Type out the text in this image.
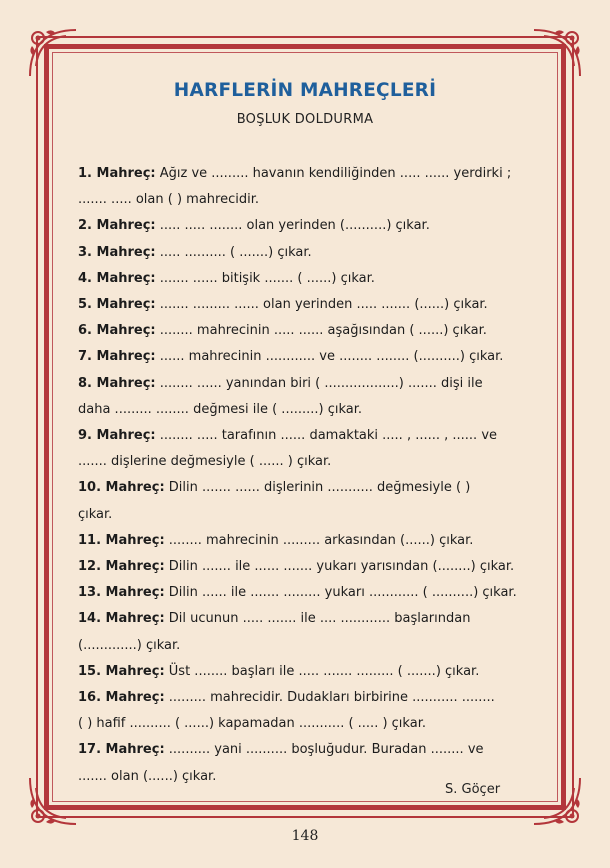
HARFLERİN MAHREÇLERİ
BOŞLUK DOLDURMA
1. Mahreç: Ağız ve ......... havanın kendiliğinden ..... ...... yerdirki ;
....... ..... olan ( ) mahrecidir.
2. Mahreç: ..... ..... ........ olan yerinden (..........) çıkar.
3. Mahreç: ..... .......... ( .......) çıkar.
4. Mahreç: ....... ...... bitişik ....... ( ......) çıkar.
5. Mahreç: ....... ......... ...... olan yerinden ..... ....... (......) çıkar.
6. Mahreç: ........ mahrecinin ..... ...... aşağısından ( ......) çıkar.
7. Mahreç: ...... mahrecinin ............ ve ........ ........ (..........) çıkar.
8. Mahreç: ........ ...... yanından biri ( ..................) ....... dişi ile
daha ......... ........ değmesi ile ( .........) çıkar.
9. Mahreç: ........ ..... tarafının ...... damaktaki ..... , ...... , ...... ve
....... dişlerine değmesiyle ( ...... ) çıkar.
10. Mahreç: Dilin ....... ...... dişlerinin ........... değmesiyle ( )
çıkar.
11. Mahreç: ........ mahrecinin ......... arkasından (......) çıkar.
12. Mahreç: Dilin ....... ile ...... ....... yukarı yarısından (........) çıkar.
13. Mahreç: Dilin ...... ile ....... ......... yukarı ............ ( ..........) çıkar.
14. Mahreç: Dil ucunun ..... ....... ile .... ............ başlarından
(.............) çıkar.
15. Mahreç: Üst ........ başları ile ..... ....... ......... ( .......) çıkar.
16. Mahreç: ......... mahrecidir. Dudakları birbirine ........... ........
( ) hafif .......... ( ......) kapamadan ........... ( ..... ) çıkar.
17. Mahreç: .......... yani .......... boşluğudur. Buradan ........ ve
....... olan (......) çıkar.
S. Göçer
148
